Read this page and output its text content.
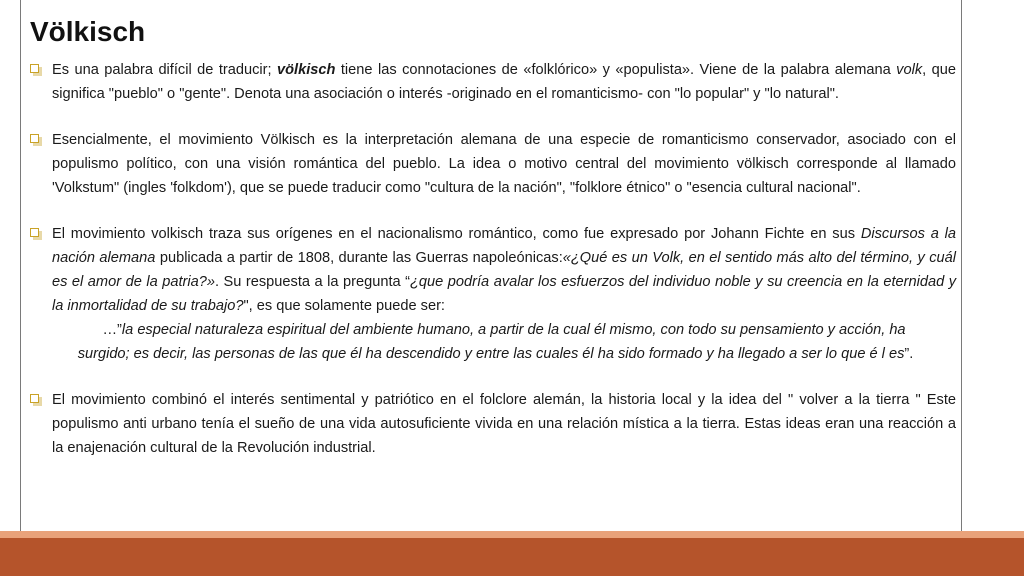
Völkisch
Es una palabra difícil de traducir; völkisch tiene las connotaciones de «folklórico» y «populista». Viene de la palabra alemana volk, que significa "pueblo" o "gente". Denota una asociación o interés -originado en el romanticismo- con "lo popular" y "lo natural".
Esencialmente, el movimiento Völkisch es la interpretación alemana de una especie de romanticismo conservador, asociado con el populismo político, con una visión romántica del pueblo. La idea o motivo central del movimiento völkisch corresponde al llamado 'Volkstum" (ingles 'folkdom'), que se puede traducir como "cultura de la nación", "folklore étnico" o "esencia cultural nacional".
El movimiento volkisch traza sus orígenes en el nacionalismo romántico, como fue expresado por Johann Fichte en sus Discursos a la nación alemana publicada a partir de 1808, durante las Guerras napoleónicas:«¿Qué es un Volk, en el sentido más alto del término, y cuál es el amor de la patria?». Su respuesta a la pregunta “¿que podría avalar los esfuerzos del individuo noble y su creencia en la eternidad y la inmortalidad de su trabajo?", es que solamente puede ser:
…”la especial naturaleza espiritual del ambiente humano, a partir de la cual él mismo, con todo su pensamiento y acción, ha
surgido; es decir, las personas de las que él ha descendido y entre las cuales él ha sido formado y ha llegado a ser lo que é l es”.
El movimiento combinó el interés sentimental y patriótico en el folclore alemán, la historia local y la idea del " volver a la tierra " Este populismo anti urbano tenía el sueño de una vida autosuficiente vivida en una relación mística a la tierra. Estas ideas eran una reacción a la enajenación cultural de la Revolución industrial.
